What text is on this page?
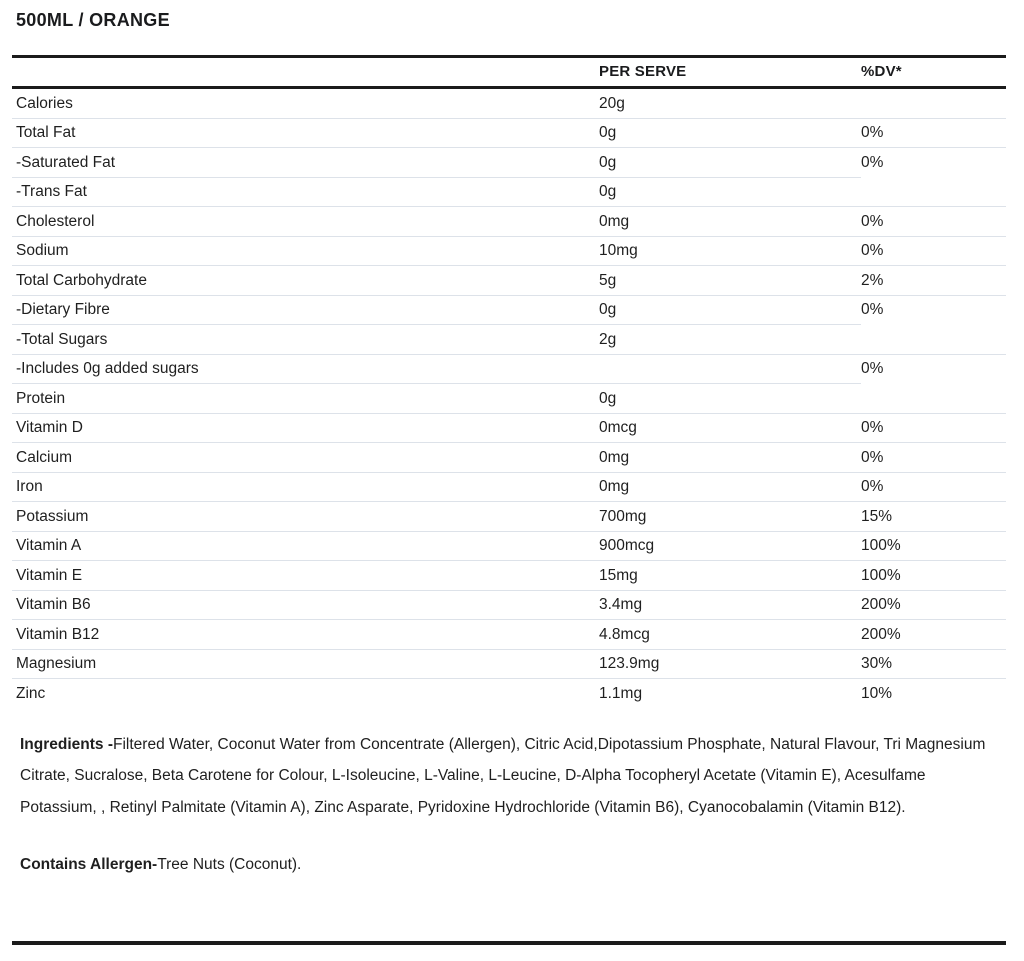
500ML / ORANGE
	PER SERVE	%DV*
Calories	20g	
Total Fat	0g	0%
-Saturated Fat	0g	0%
-Trans Fat	0g	
Cholesterol	0mg	0%
Sodium	10mg	0%
Total Carbohydrate	5g	2%
-Dietary Fibre	0g	0%
-Total Sugars	2g	
-Includes 0g added sugars		0%
Protein	0g	
Vitamin D	0mcg	0%
Calcium	0mg	0%
Iron	0mg	0%
Potassium	700mg	15%
Vitamin A	900mcg	100%
Vitamin E	15mg	100%
Vitamin B6	3.4mg	200%
Vitamin B12	4.8mcg	200%
Magnesium	123.9mg	30%
Zinc	1.1mg	10%

Ingredients -Filtered Water, Coconut Water from Concentrate (Allergen), Citric Acid,Dipotassium Phosphate, Natural Flavour, Tri Magnesium Citrate, Sucralose, Beta Carotene for Colour, L-Isoleucine, L-Valine, L-Leucine, D-Alpha Tocopheryl Acetate (Vitamin E), Acesulfame Potassium, , Retinyl Palmitate (Vitamin A), Zinc Asparate, Pyridoxine Hydrochloride (Vitamin B6), Cyanocobalamin (Vitamin B12).

Contains Allergen-Tree Nuts (Coconut).
